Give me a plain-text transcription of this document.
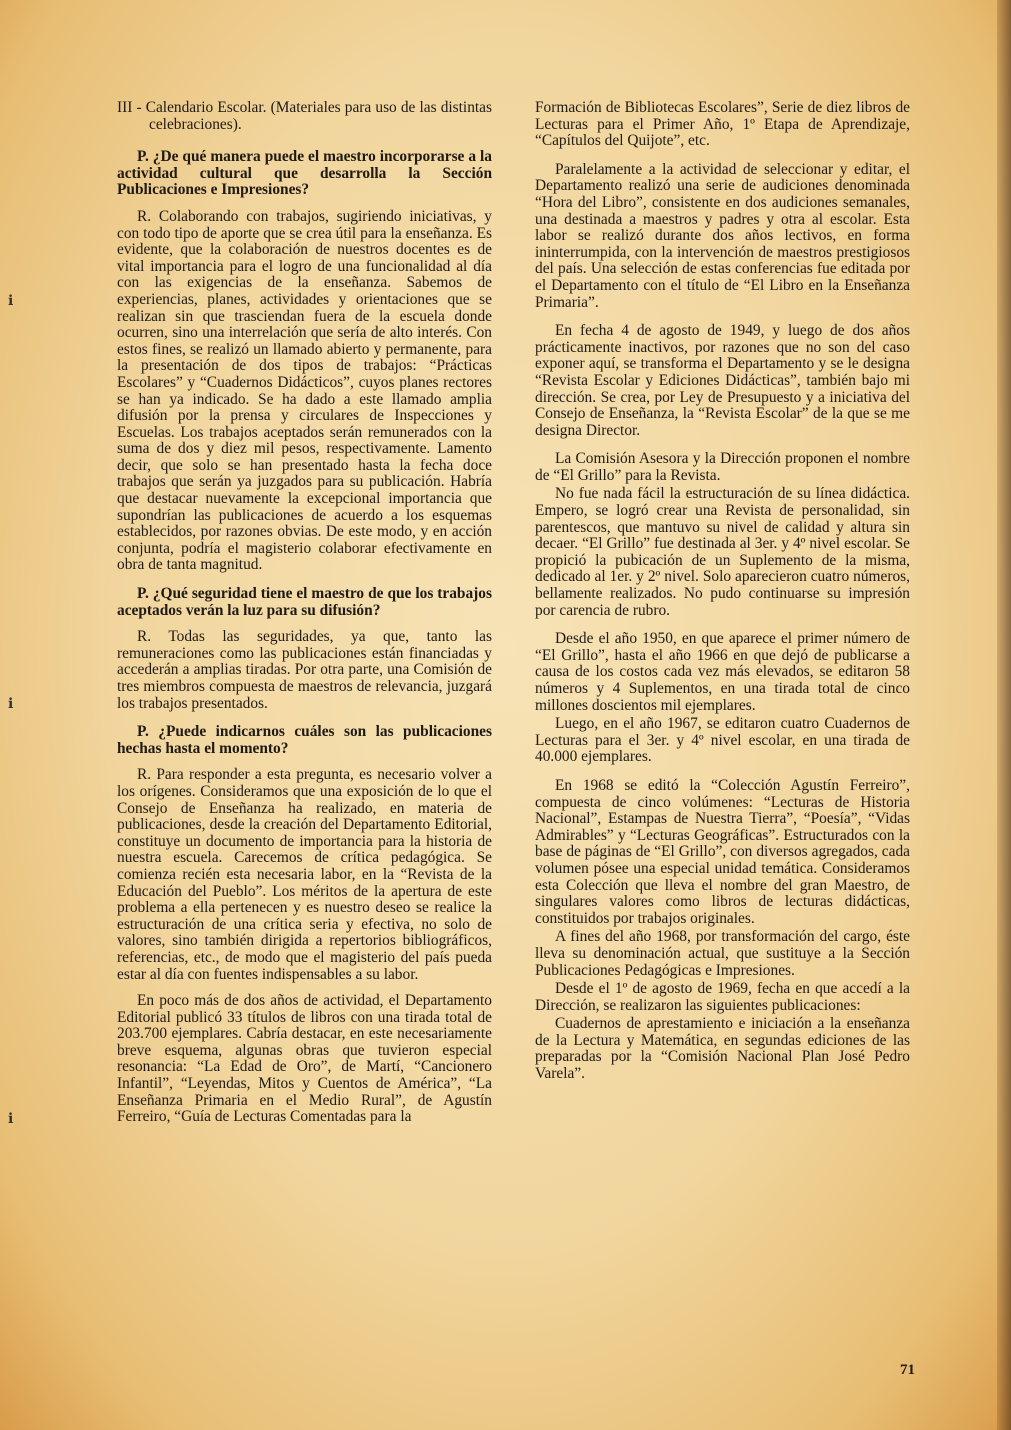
ℹ
ℹ
ℹ

III - Calendario Escolar. (Materiales para uso de las distintas celebraciones).

P. ¿De qué manera puede el maestro incorporarse a la actividad cultural que desarrolla la Sección Publicaciones e Impresiones?

R. Colaborando con trabajos, sugiriendo iniciativas, y con todo tipo de aporte que se crea útil para la enseñanza. Es evidente, que la colaboración de nuestros docentes es de vital importancia para el logro de una funcionalidad al día con las exigencias de la enseñanza. Sabemos de experiencias, planes, actividades y orientaciones que se realizan sin que trasciendan fuera de la escuela donde ocurren, sino una interrelación que sería de alto interés. Con estos fines, se realizó un llamado abierto y permanente, para la presentación de dos tipos de trabajos: “Prácticas Escolares” y “Cuadernos Didácticos”, cuyos planes rectores se han ya indicado. Se ha dado a este llamado amplia difusión por la prensa y circulares de Inspecciones y Escuelas. Los trabajos aceptados serán remunerados con la suma de dos y diez mil pesos, respectivamente. Lamento decir, que solo se han presentado hasta la fecha doce trabajos que serán ya juzgados para su publicación. Habría que destacar nuevamente la excepcional importancia que supondrían las publicaciones de acuerdo a los esquemas establecidos, por razones obvias. De este modo, y en acción conjunta, podría el magisterio colaborar efectivamente en obra de tanta magnitud.

P. ¿Qué seguridad tiene el maestro de que los trabajos aceptados verán la luz para su difusión?

R. Todas las seguridades, ya que, tanto las remuneraciones como las publicaciones están financiadas y accederán a amplias tiradas. Por otra parte, una Comisión de tres miembros compuesta de maestros de relevancia, juzgará los trabajos presentados.

P. ¿Puede indicarnos cuáles son las publicaciones hechas hasta el momento?

R. Para responder a esta pregunta, es necesario volver a los orígenes. Consideramos que una exposición de lo que el Consejo de Enseñanza ha realizado, en materia de publicaciones, desde la creación del Departamento Editorial, constituye un documento de importancia para la historia de nuestra escuela. Carecemos de crítica pedagógica. Se comienza recién esta necesaria labor, en la “Revista de la Educación del Pueblo”. Los méritos de la apertura de este problema a ella pertenecen y es nuestro deseo se realice la estructuración de una crítica seria y efectiva, no solo de valores, sino también dirigida a repertorios bibliográficos, referencias, etc., de modo que el magisterio del país pueda estar al día con fuentes indispensables a su labor.

En poco más de dos años de actividad, el Departamento Editorial publicó 33 títulos de libros con una tirada total de 203.700 ejemplares. Cabría destacar, en este necesariamente breve esquema, algunas obras que tuvieron especial resonancia: “La Edad de Oro”, de Martí, “Cancionero Infantil”, “Leyendas, Mitos y Cuentos de América”, “La Enseñanza Primaria en el Medio Rural”, de Agustín Ferreiro, “Guía de Lecturas Comentadas para la

Formación de Bibliotecas Escolares”, Serie de diez libros de Lecturas para el Primer Año, 1º Etapa de Aprendizaje, “Capítulos del Quijote”, etc.

Paralelamente a la actividad de seleccionar y editar, el Departamento realizó una serie de audiciones denominada “Hora del Libro”, consistente en dos audiciones semanales, una destinada a maestros y padres y otra al escolar. Esta labor se realizó durante dos años lectivos, en forma ininterrumpida, con la intervención de maestros prestigiosos del país. Una selección de estas conferencias fue editada por el Departamento con el título de “El Libro en la Enseñanza Primaria”.

En fecha 4 de agosto de 1949, y luego de dos años prácticamente inactivos, por razones que no son del caso exponer aquí, se transforma el Departamento y se le designa “Revista Escolar y Ediciones Didácticas”, también bajo mi dirección. Se crea, por Ley de Presupuesto y a iniciativa del Consejo de Enseñanza, la “Revista Escolar” de la que se me designa Director.

La Comisión Asesora y la Dirección proponen el nombre de “El Grillo” para la Revista.

No fue nada fácil la estructuración de su línea didáctica. Empero, se logró crear una Revista de personalidad, sin parentescos, que mantuvo su nivel de calidad y altura sin decaer. “El Grillo” fue destinada al 3er. y 4º nivel escolar. Se propició la pubicación de un Suplemento de la misma, dedicado al 1er. y 2º nivel. Solo aparecieron cuatro números, bellamente realizados. No pudo continuarse su impresión por carencia de rubro.

Desde el año 1950, en que aparece el primer número de “El Grillo”, hasta el año 1966 en que dejó de publicarse a causa de los costos cada vez más elevados, se editaron 58 números y 4 Suplementos, en una tirada total de cinco millones doscientos mil ejemplares.

Luego, en el año 1967, se editaron cuatro Cuadernos de Lecturas para el 3er. y 4º nivel escolar, en una tirada de 40.000 ejemplares.

En 1968 se editó la “Colección Agustín Ferreiro”, compuesta de cinco volúmenes: “Lecturas de Historia Nacional”, Estampas de Nuestra Tierra”, “Poesía”, “Vidas Admirables” y “Lecturas Geográficas”. Estructurados con la base de páginas de “El Grillo”, con diversos agregados, cada volumen pósee una especial unidad temática. Consideramos esta Colección que lleva el nombre del gran Maestro, de singulares valores como libros de lecturas didácticas, constituidos por trabajos originales.

A fines del año 1968, por transformación del cargo, éste lleva su denominación actual, que sustituye a la Sección Publicaciones Pedagógicas e Impresiones.

Desde el 1º de agosto de 1969, fecha en que accedí a la Dirección, se realizaron las siguientes publicaciones:

Cuadernos de aprestamiento e iniciación a la enseñanza de la Lectura y Matemática, en segundas ediciones de las preparadas por la “Comisión Nacional Plan José Pedro Varela”.

71
